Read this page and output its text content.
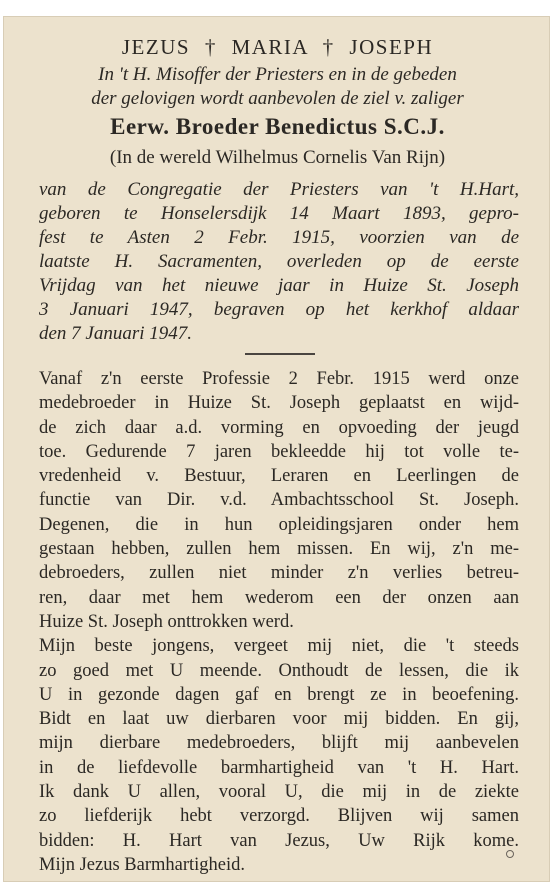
JEZUS † MARIA † JOSEPH
In 't H. Misoffer der Priesters en in de gebeden
der gelovigen wordt aanbevolen de ziel v. zaliger
Eerw. Broeder Benedictus S.C.J.
(In de wereld Wilhelmus Cornelis Van Rijn)
van de Congregatie der Priesters van 't H.Hart,
geboren te Honselersdijk 14 Maart 1893, gepro-
fest te Asten 2 Febr. 1915, voorzien van de
laatste H. Sacramenten, overleden op de eerste
Vrijdag van het nieuwe jaar in Huize St. Joseph
3 Januari 1947, begraven op het kerkhof aldaar
den 7 Januari 1947.
Vanaf z'n eerste Professie 2 Febr. 1915 werd onze
medebroeder in Huize St. Joseph geplaatst en wijd-
de zich daar a.d. vorming en opvoeding der jeugd
toe. Gedurende 7 jaren bekleedde hij tot volle te-
vredenheid v. Bestuur, Leraren en Leerlingen de
functie van Dir. v.d. Ambachtsschool St. Joseph.
Degenen, die in hun opleidingsjaren onder hem
gestaan hebben, zullen hem missen. En wij, z'n me-
debroeders, zullen niet minder z'n verlies betreu-
ren, daar met hem wederom een der onzen aan
Huize St. Joseph onttrokken werd.
Mijn beste jongens, vergeet mij niet, die 't steeds
zo goed met U meende. Onthoudt de lessen, die ik
U in gezonde dagen gaf en brengt ze in beoefening.
Bidt en laat uw dierbaren voor mij bidden. En gij,
mijn dierbare medebroeders, blijft mij aanbevelen
in de liefdevolle barmhartigheid van 't H. Hart.
Ik dank U allen, vooral U, die mij in de ziekte
zo liefderijk hebt verzorgd. Blijven wij samen
bidden: H. Hart van Jezus, Uw Rijk kome.
Mijn Jezus Barmhartigheid.
